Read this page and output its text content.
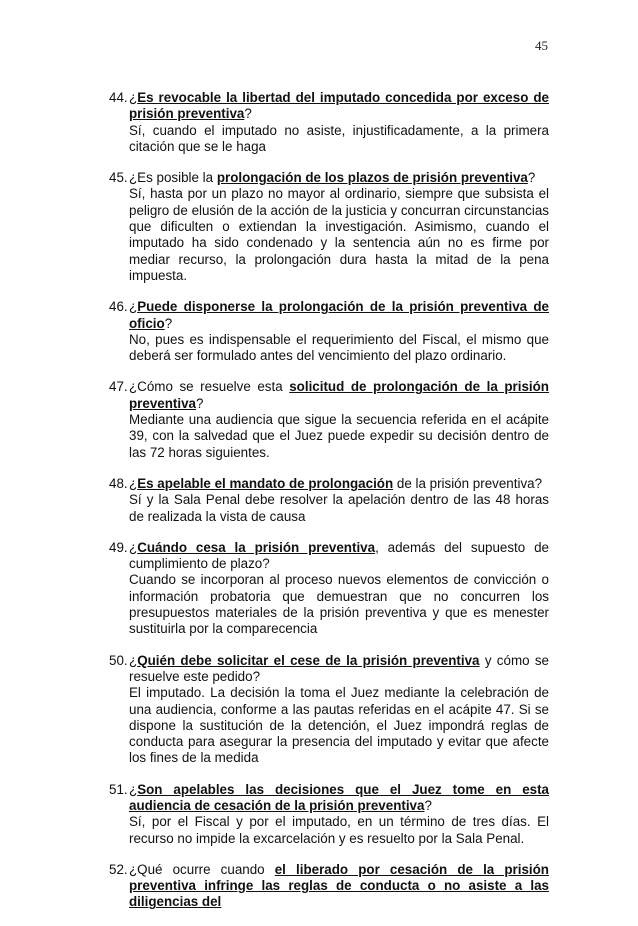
45
44. ¿Es revocable la libertad del imputado concedida por exceso de prisión preventiva?
Sí, cuando el imputado no asiste, injustificadamente, a la primera citación que se le haga
45. ¿Es posible la prolongación de los plazos de prisión preventiva?
Sí, hasta por un plazo no mayor al ordinario, siempre que subsista el peligro de elusión de la acción de la justicia y concurran circunstancias que dificulten o extiendan la investigación. Asimismo, cuando el imputado ha sido condenado y la sentencia aún no es firme por mediar recurso, la prolongación dura hasta la mitad de la pena impuesta.
46. ¿Puede disponerse la prolongación de la prisión preventiva de oficio?
No, pues es indispensable el requerimiento del Fiscal, el mismo que deberá ser formulado antes del vencimiento del plazo ordinario.
47. ¿Cómo se resuelve esta solicitud de prolongación de la prisión preventiva?
Mediante una audiencia que sigue la secuencia referida en el acápite 39, con la salvedad que el Juez puede expedir su decisión dentro de las 72 horas siguientes.
48. ¿Es apelable el mandato de prolongación de la prisión preventiva?
Sí y la Sala Penal debe resolver la apelación dentro de las 48 horas de realizada la vista de causa
49. ¿Cuándo cesa la prisión preventiva, además del supuesto de cumplimiento de plazo?
Cuando se incorporan al proceso nuevos elementos de convicción o información probatoria que demuestran que no concurren los presupuestos materiales de la prisión preventiva y que es menester sustituirla por la comparecencia
50. ¿Quién debe solicitar el cese de la prisión preventiva y cómo se resuelve este pedido?
El imputado. La decisión la toma el Juez mediante la celebración de una audiencia, conforme a las pautas referidas en el acápite 47. Si se dispone la sustitución de la detención, el Juez impondrá reglas de conducta para asegurar la presencia del imputado y evitar que afecte los fines de la medida
51. ¿Son apelables las decisiones que el Juez tome en esta audiencia de cesación de la prisión preventiva?
Sí, por el Fiscal y por el imputado, en un término de tres días. El recurso no impide la excarcelación y es resuelto por la Sala Penal.
52. ¿Qué ocurre cuando el liberado por cesación de la prisión preventiva infringe las reglas de conducta o no asiste a las diligencias del
